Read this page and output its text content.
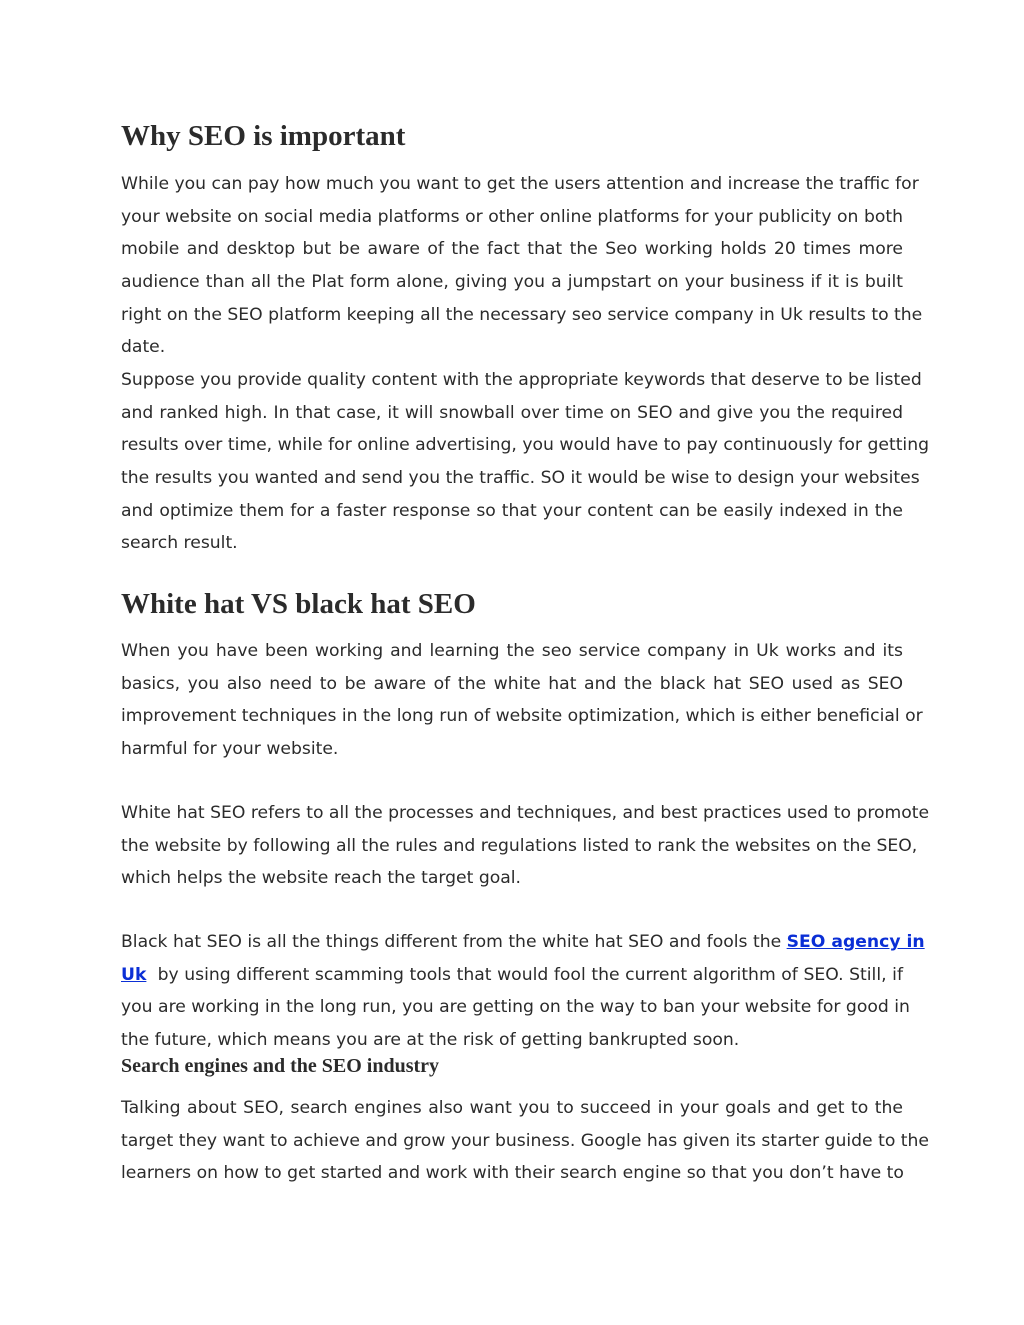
Why SEO is important
While you can pay how much you want to get the users attention and increase the traffic for
your website on social media platforms or other online platforms for your publicity on both
mobile and desktop but be aware of the fact that the Seo working holds 20 times more
audience than all the Plat form alone, giving you a jumpstart on your business if it is built
right on the SEO platform keeping all the necessary seo service company in Uk results to the
date.
Suppose you provide quality content with the appropriate keywords that deserve to be listed
and ranked high. In that case, it will snowball over time on SEO and give you the required
results over time, while for online advertising, you would have to pay continuously for getting
the results you wanted and send you the traffic. SO it would be wise to design your websites
and optimize them for a faster response so that your content can be easily indexed in the
search result.
White hat VS black hat SEO
When you have been working and learning the seo service company in Uk works and its
basics, you also need to be aware of the white hat and the black hat SEO used as SEO
improvement techniques in the long run of website optimization, which is either beneficial or
harmful for your website.
White hat SEO refers to all the processes and techniques, and best practices used to promote
the website by following all the rules and regulations listed to rank the websites on the SEO,
which helps the website reach the target goal.
Black hat SEO is all the things different from the white hat SEO and fools the SEO agency in
Uk  by using different scamming tools that would fool the current algorithm of SEO. Still, if
you are working in the long run, you are getting on the way to ban your website for good in
the future, which means you are at the risk of getting bankrupted soon.
Search engines and the SEO industry
Talking about SEO, search engines also want you to succeed in your goals and get to the
target they want to achieve and grow your business. Google has given its starter guide to the
learners on how to get started and work with their search engine so that you don’t have to
